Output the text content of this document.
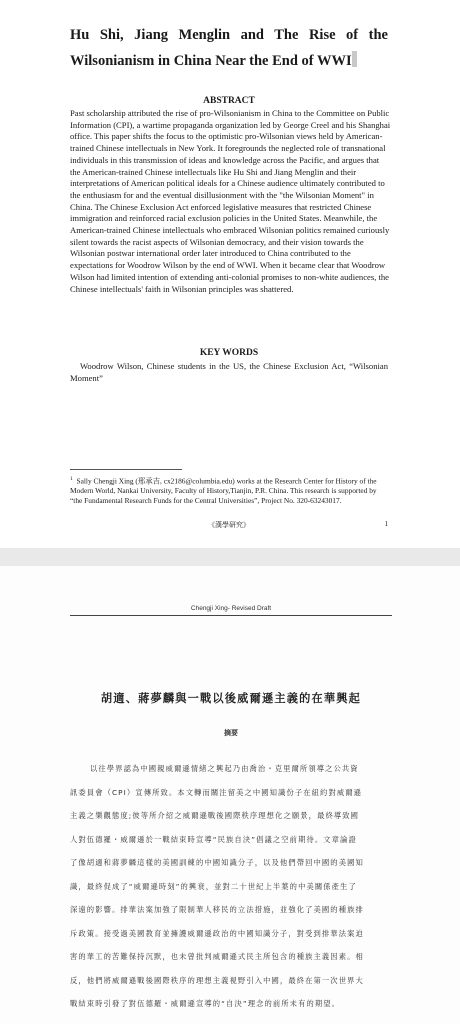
Hu Shi, Jiang Menglin and The Rise of the
Wilsonianism in China Near the End of WWI
ABSTRACT
Past scholarship attributed the rise of pro-Wilsonianism in China to the Committee on Public Information (CPI), a wartime propaganda organization led by George Creel and his Shanghai office. This paper shifts the focus to the optimistic pro-Wilsonian views held by American-trained Chinese intellectuals in New York. It foregrounds the neglected role of transnational individuals in this transmission of ideas and knowledge across the Pacific, and argues that the American-trained Chinese intellectuals like Hu Shi and Jiang Menglin and their interpretations of American political ideals for a Chinese audience ultimately contributed to the enthusiasm for and the eventual disillusionment with the "the Wilsonian Moment" in China. The Chinese Exclusion Act enforced legislative measures that restricted Chinese immigration and reinforced racial exclusion policies in the United States. Meanwhile, the American-trained Chinese intellectuals who embraced Wilsonian politics remained curiously silent towards the racist aspects of Wilsonian democracy, and their vision towards the Wilsonian postwar international order later introduced to China contributed to the expectations for Woodrow Wilson by the end of WWI. When it became clear that Woodrow Wilson had limited intention of extending anti-colonial promises to non-white audiences, the Chinese intellectuals' faith in Wilsonian principles was shattered.
KEY WORDS
Woodrow Wilson, Chinese students in the US, the Chinese Exclusion Act, “Wilsonian Moment”
$^1$ Sally Chengji Xing (邢承吉, cx2186@columbia.edu) works at the Research Center for History of the Modern World, Nankai University, Faculty of History,Tianjin, P.R. China. This research is supported by “the Fundamental Research Funds for the Central Universities”, Project No. 320-63243017.
《漢學研究》	1
Chengji Xing- Revised Draft
胡適、蔣夢麟與一戰以後威爾遜主義的在華興起
摘要
以往學界認為中國親威爾遜情緒之興起乃由喬治・克里爾所領導之公共資
訊委員會（CPI）宣傳所致。本文轉而關注留美之中國知識份子在紐約對威爾遜
主義之樂觀態度;彼等所介紹之威爾遜戰後國際秩序理想化之願景，最終導致國
人對伍德羅・威爾遜於一戰結束時宣導“民族自決”倡議之空前期待。文章論證
了像胡適和蔣夢麟這樣的美國訓練的中國知識分子，以及他們帶回中國的美國知
識，最終促成了“威爾遜時刻”的興衰，並對二十世紀上半葉的中美關係產生了
深遠的影響。排華法案加強了限制華人移民的立法措施，並強化了美國的種族排
斥政策。接受過美國教育並擁護威爾遜政治的中國知識分子，對受到排華法案迫
害的華工的苦難保持沉默，也未曾批判威爾遜式民主所包含的種族主義因素。相
反，他們將威爾遜戰後國際秩序的理想主義視野引入中國，最終在第一次世界大
戰結束時引發了對伍德羅・威爾遜宣導的“自決”理念的前所未有的期望。
